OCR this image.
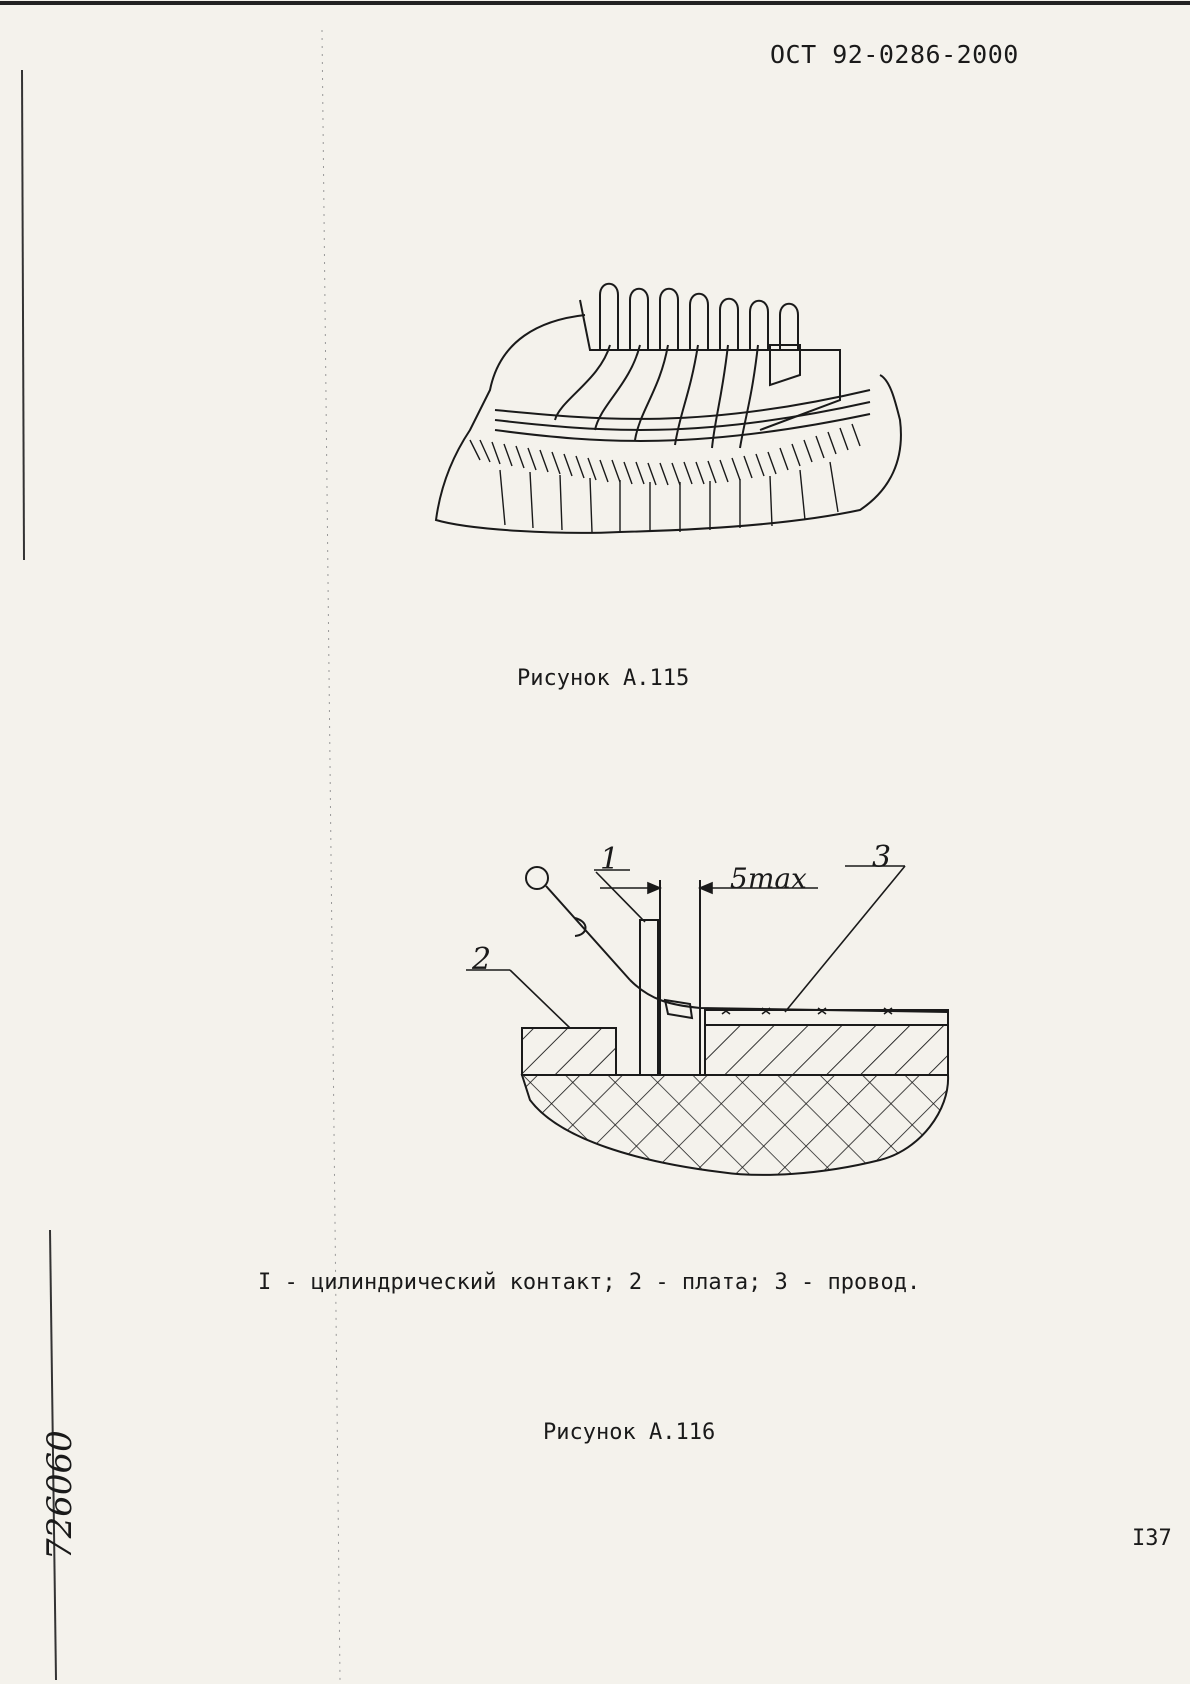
ОСТ 92-0286-2000
Рисунок А.115
1
2
3
5max
I - цилиндрический контакт; 2 - плата; 3 - провод.
Рисунок А.116
I37
726060
